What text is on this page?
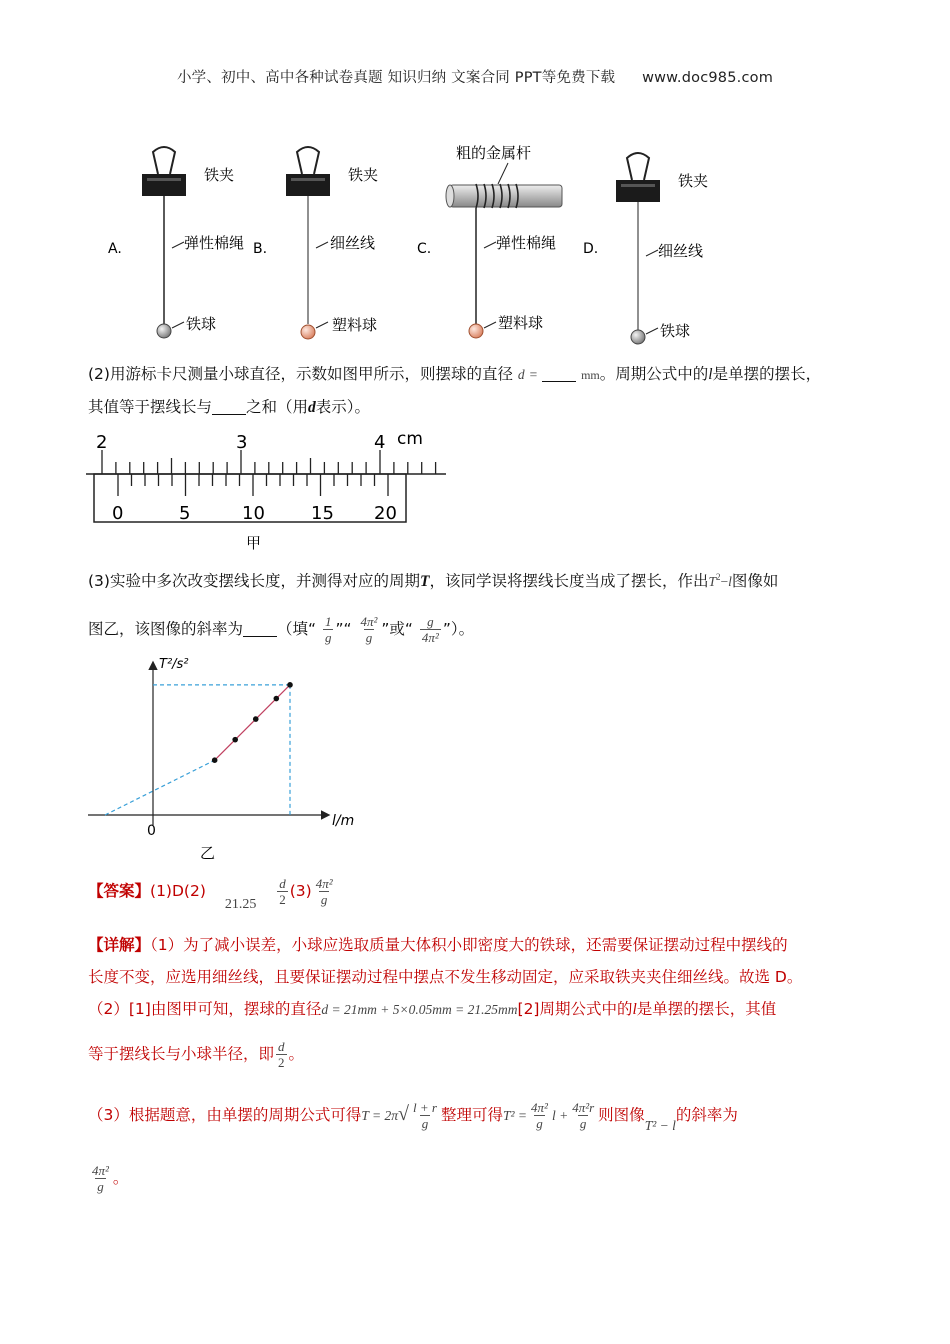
小学、初中、高中各种试卷真题 知识归纳 文案合同 PPT等免费下载 www.doc985.com
A.
铁夹
弹性棉绳
铁球
B.
铁夹
细丝线
塑料球
C.
粗的金属杆
弹性棉绳
塑料球
D.
铁夹
细丝线
铁球
(2)用游标卡尺测量小球直径，示数如图甲所示，则摆球的直径 d =	mm。周期公式中的l是单摆的摆长，
其值等于摆线长与 之和（用d表示）。
2	3	4 cm
0	5	10	15 20
甲
(3)实验中多次改变摆线长度，并测得对应的周期T，该同学误将摆线长度当成了摆长，作出$T^2-l$图像如
图乙，该图像的斜率为 （填“ $\frac{1}{g}$ ”“ $\frac{\text{4π²}}{g}$ ”或“ $\frac{g}{\text{4π²}}$ ”）。
T²/s²
l/m
0
乙
【答案】(1)D(2) $21.25 \frac{d}{2} (3) \frac{\text{4π²}}{g}$
【详解】（1）为了减小误差，小球应选取质量大体积小即密度大的铁球，还需要保证摆动过程中摆线的
长度不变，应选用细丝线，且要保证摆动过程中摆点不发生移动固定，应采取铁夹夹住细丝线。故选 D。
（2）[1]由图甲可知，摆球的直径d = 21mm + 5×0.05mm = 21.25mm[2]周期公式中的l是单摆的摆长，其值
等于摆线长与小球半径，即 $\frac{d}{2}$ 。
（3）根据题意，由单摆的周期公式可得$T = 2\pi√ \frac{l + r}{g}$ 整理可得$T^2 = \frac{\text{4π²}}{g}$ $l + \frac{\text{4π²r}}{g}$ 则图像T² − l的斜率为
$\frac{\text{4π²}}{g}$ 。
